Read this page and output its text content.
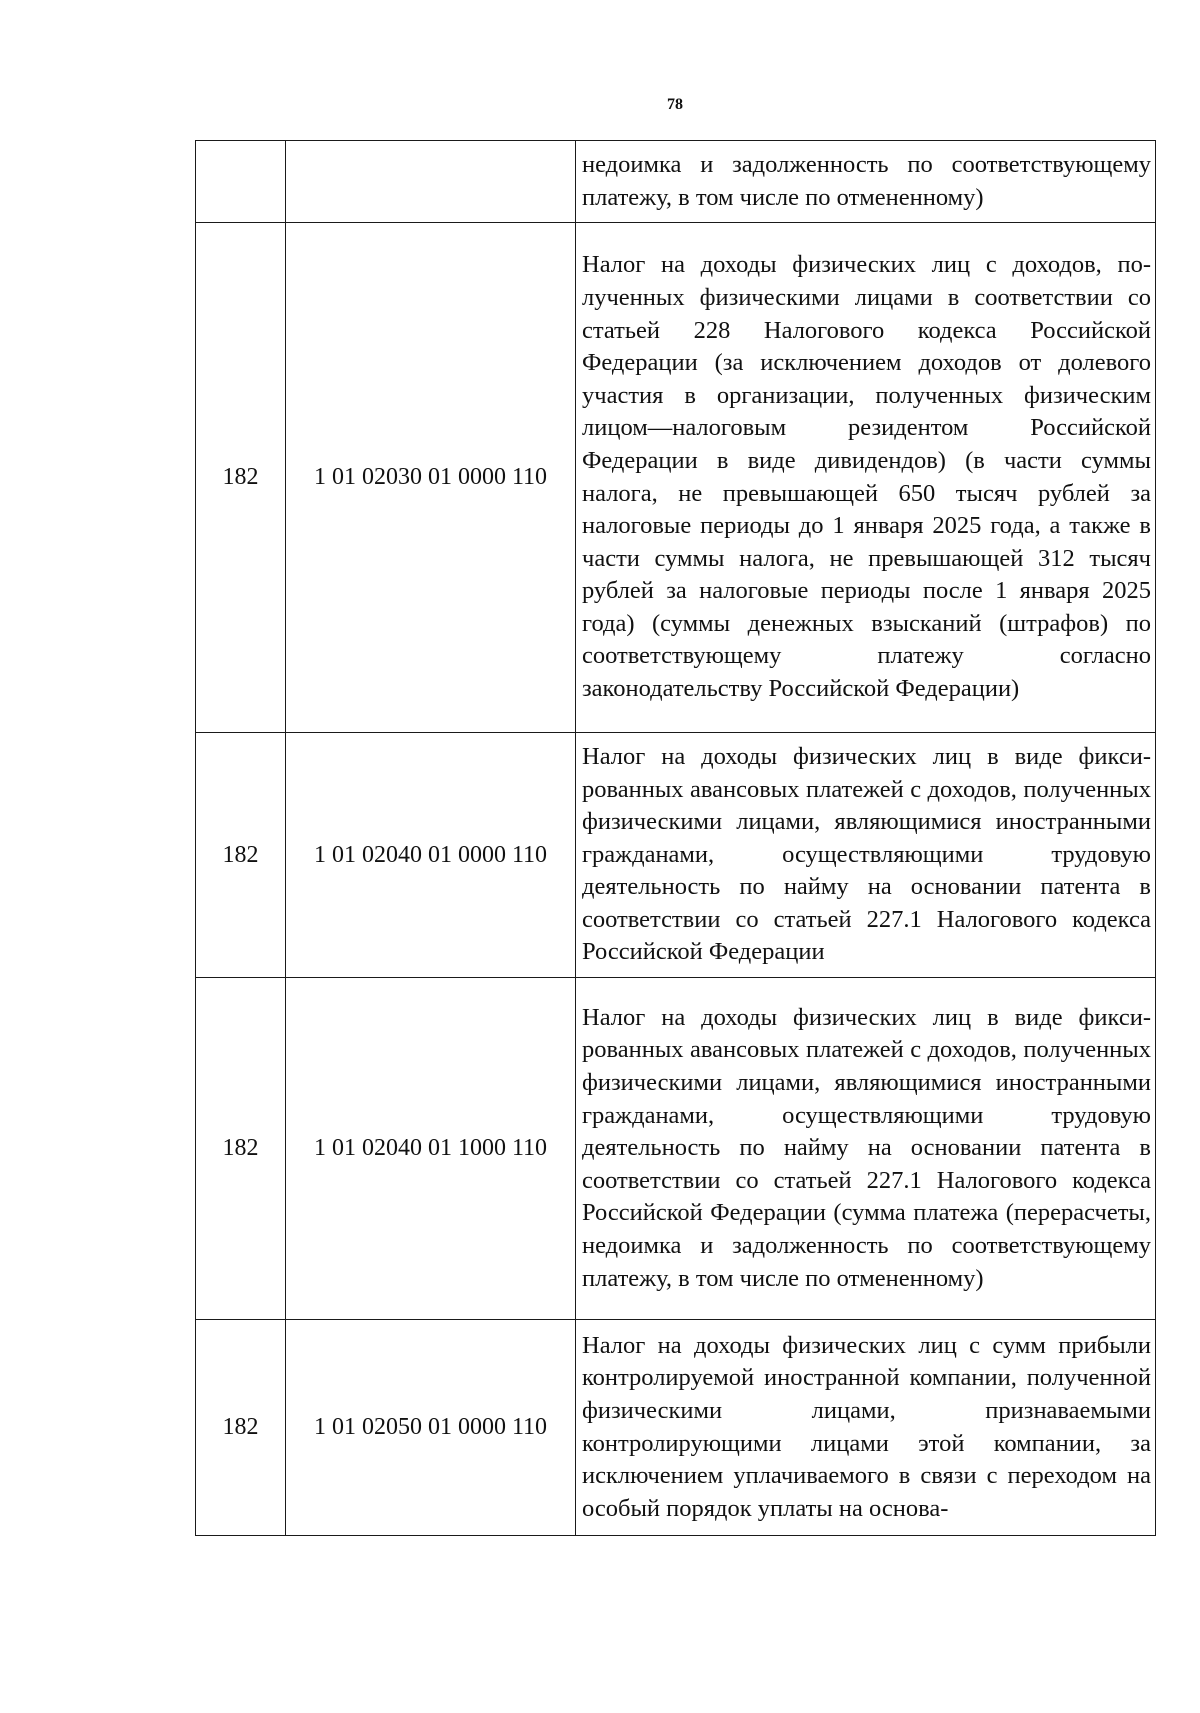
78
		недоимка и задолженность по соответствующему платежу, в том числе по отмененному)
182	1 01 02030 01 0000 110	Налог на доходы физических лиц с доходов, полученных физическими лицами в соответствии со статьей 228 Налогового кодекса Российской Федерации (за исключением доходов от долевого участия в организации, полученных физическим лицом—налоговым резидентом Российской Федерации в виде дивидендов) (в части суммы налога, не превышающей 650 тысяч рублей за налоговые периоды до 1 января 2025 года, а также в части суммы налога, не превышающей 312 тысяч рублей за налоговые периоды после 1 января 2025 года) (суммы денежных взысканий (штрафов) по соответствующему платежу согласно законодательству Российской Федерации)
182	1 01 02040 01 0000 110	Налог на доходы физических лиц в виде фиксированных авансовых платежей с доходов, полученных физическими лицами, являющимися иностранными гражданами, осуществляющими трудовую деятельность по найму на основании патента в соответствии со статьей 227.1 Налогового кодекса Российской Федерации
182	1 01 02040 01 1000 110	Налог на доходы физических лиц в виде фиксированных авансовых платежей с доходов, полученных физическими лицами, являющимися иностранными гражданами, осуществляющими трудовую деятельность по найму на основании патента в соответствии со статьей 227.1 Налогового кодекса Российской Федерации (сумма платежа (перерасчеты, недоимка и задолженность по соответствующему платежу, в том числе по отмененному)
182	1 01 02050 01 0000 110	Налог на доходы физических лиц с сумм прибыли контролируемой иностранной компании, полученной физическими лицами, признаваемыми контролирующими лицами этой компании, за исключением уплачиваемого в связи с переходом на особый порядок уплаты на основа-
